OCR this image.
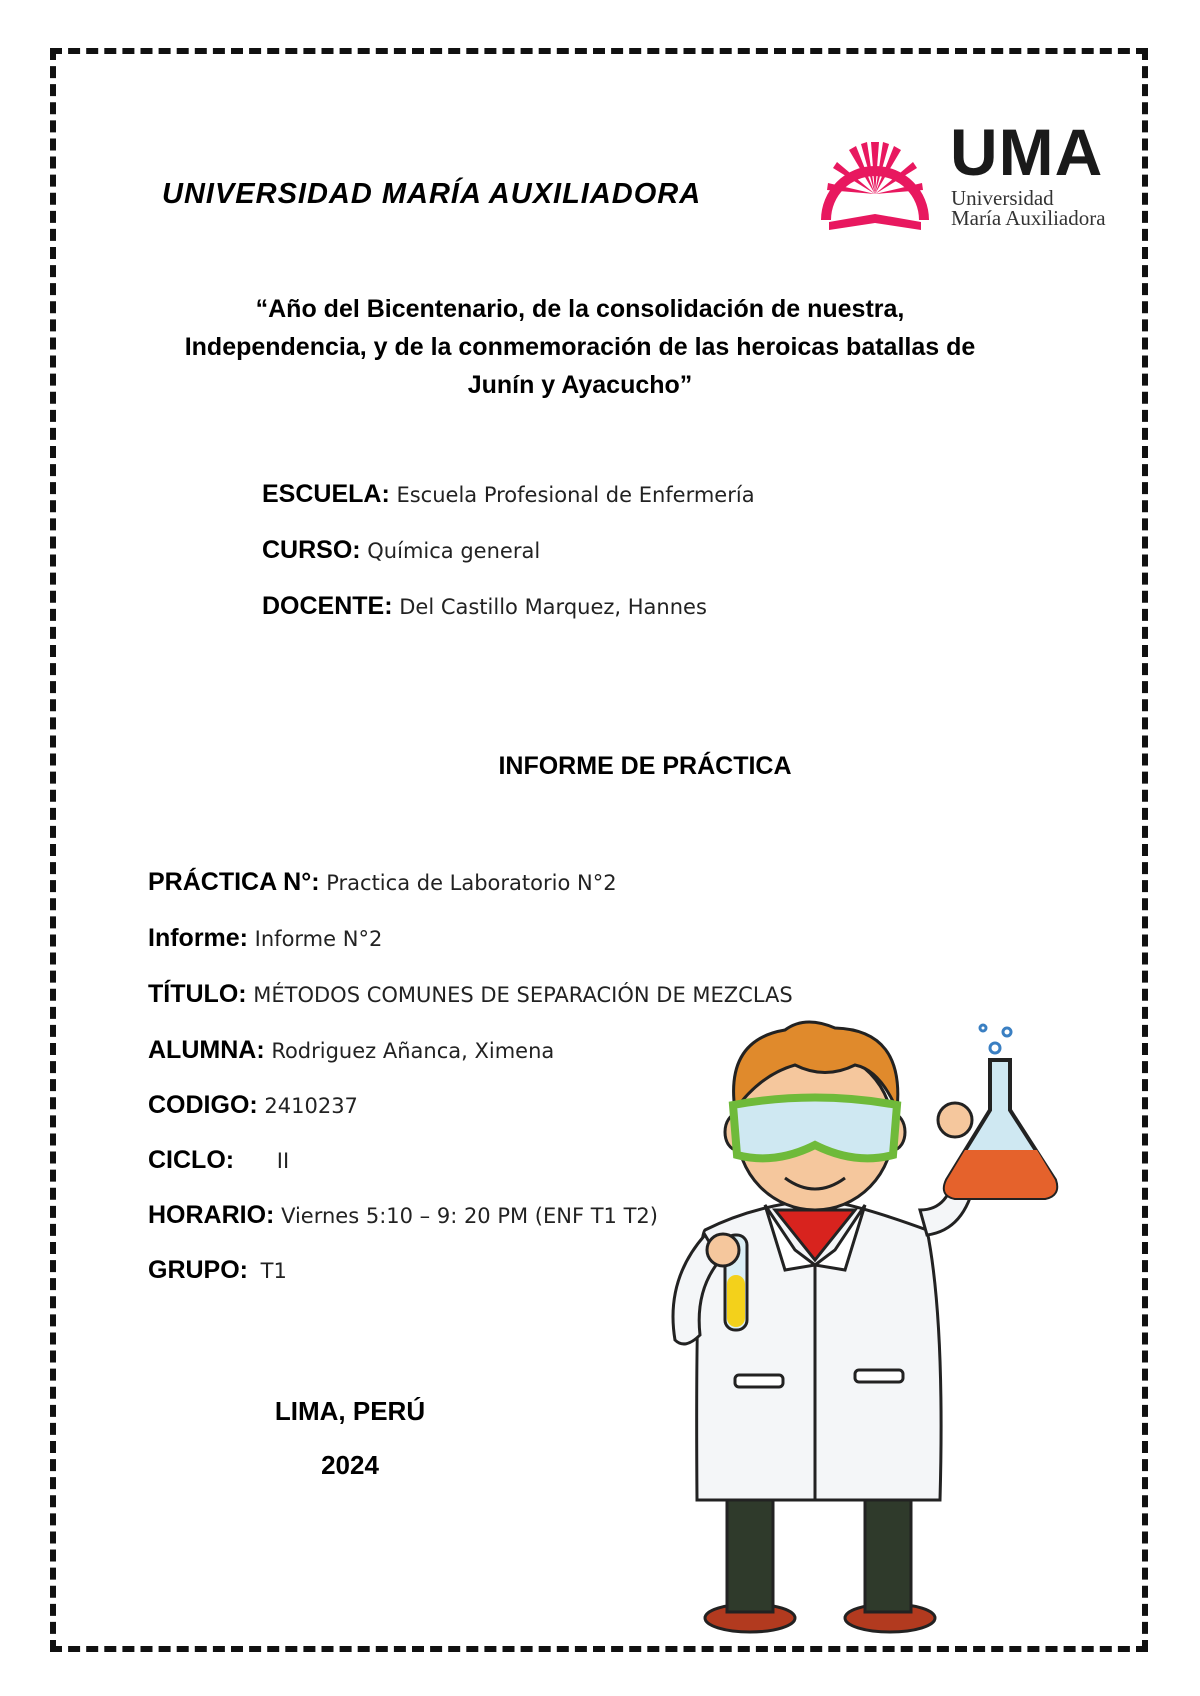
UNIVERSIDAD MARÍA AUXILIADORA
UMA
Universidad
María Auxiliadora
“Año del Bicentenario, de la consolidación de nuestra,
Independencia, y de la conmemoración de las heroicas batallas de
Junín y Ayacucho”
ESCUELA: Escuela Profesional de Enfermería
CURSO: Química general
DOCENTE: Del Castillo Marquez, Hannes
INFORME DE PRÁCTICA
PRÁCTICA N°: Practica de Laboratorio N°2
Informe: Informe N°2
TÍTULO: MÉTODOS COMUNES DE SEPARACIÓN DE MEZCLAS
ALUMNA: Rodriguez Añanca, Ximena
CODIGO: 2410237
CICLO: II
HORARIO: Viernes 5:10 – 9: 20 PM (ENF T1 T2)
GRUPO: T1
LIMA, PERÚ
2024
